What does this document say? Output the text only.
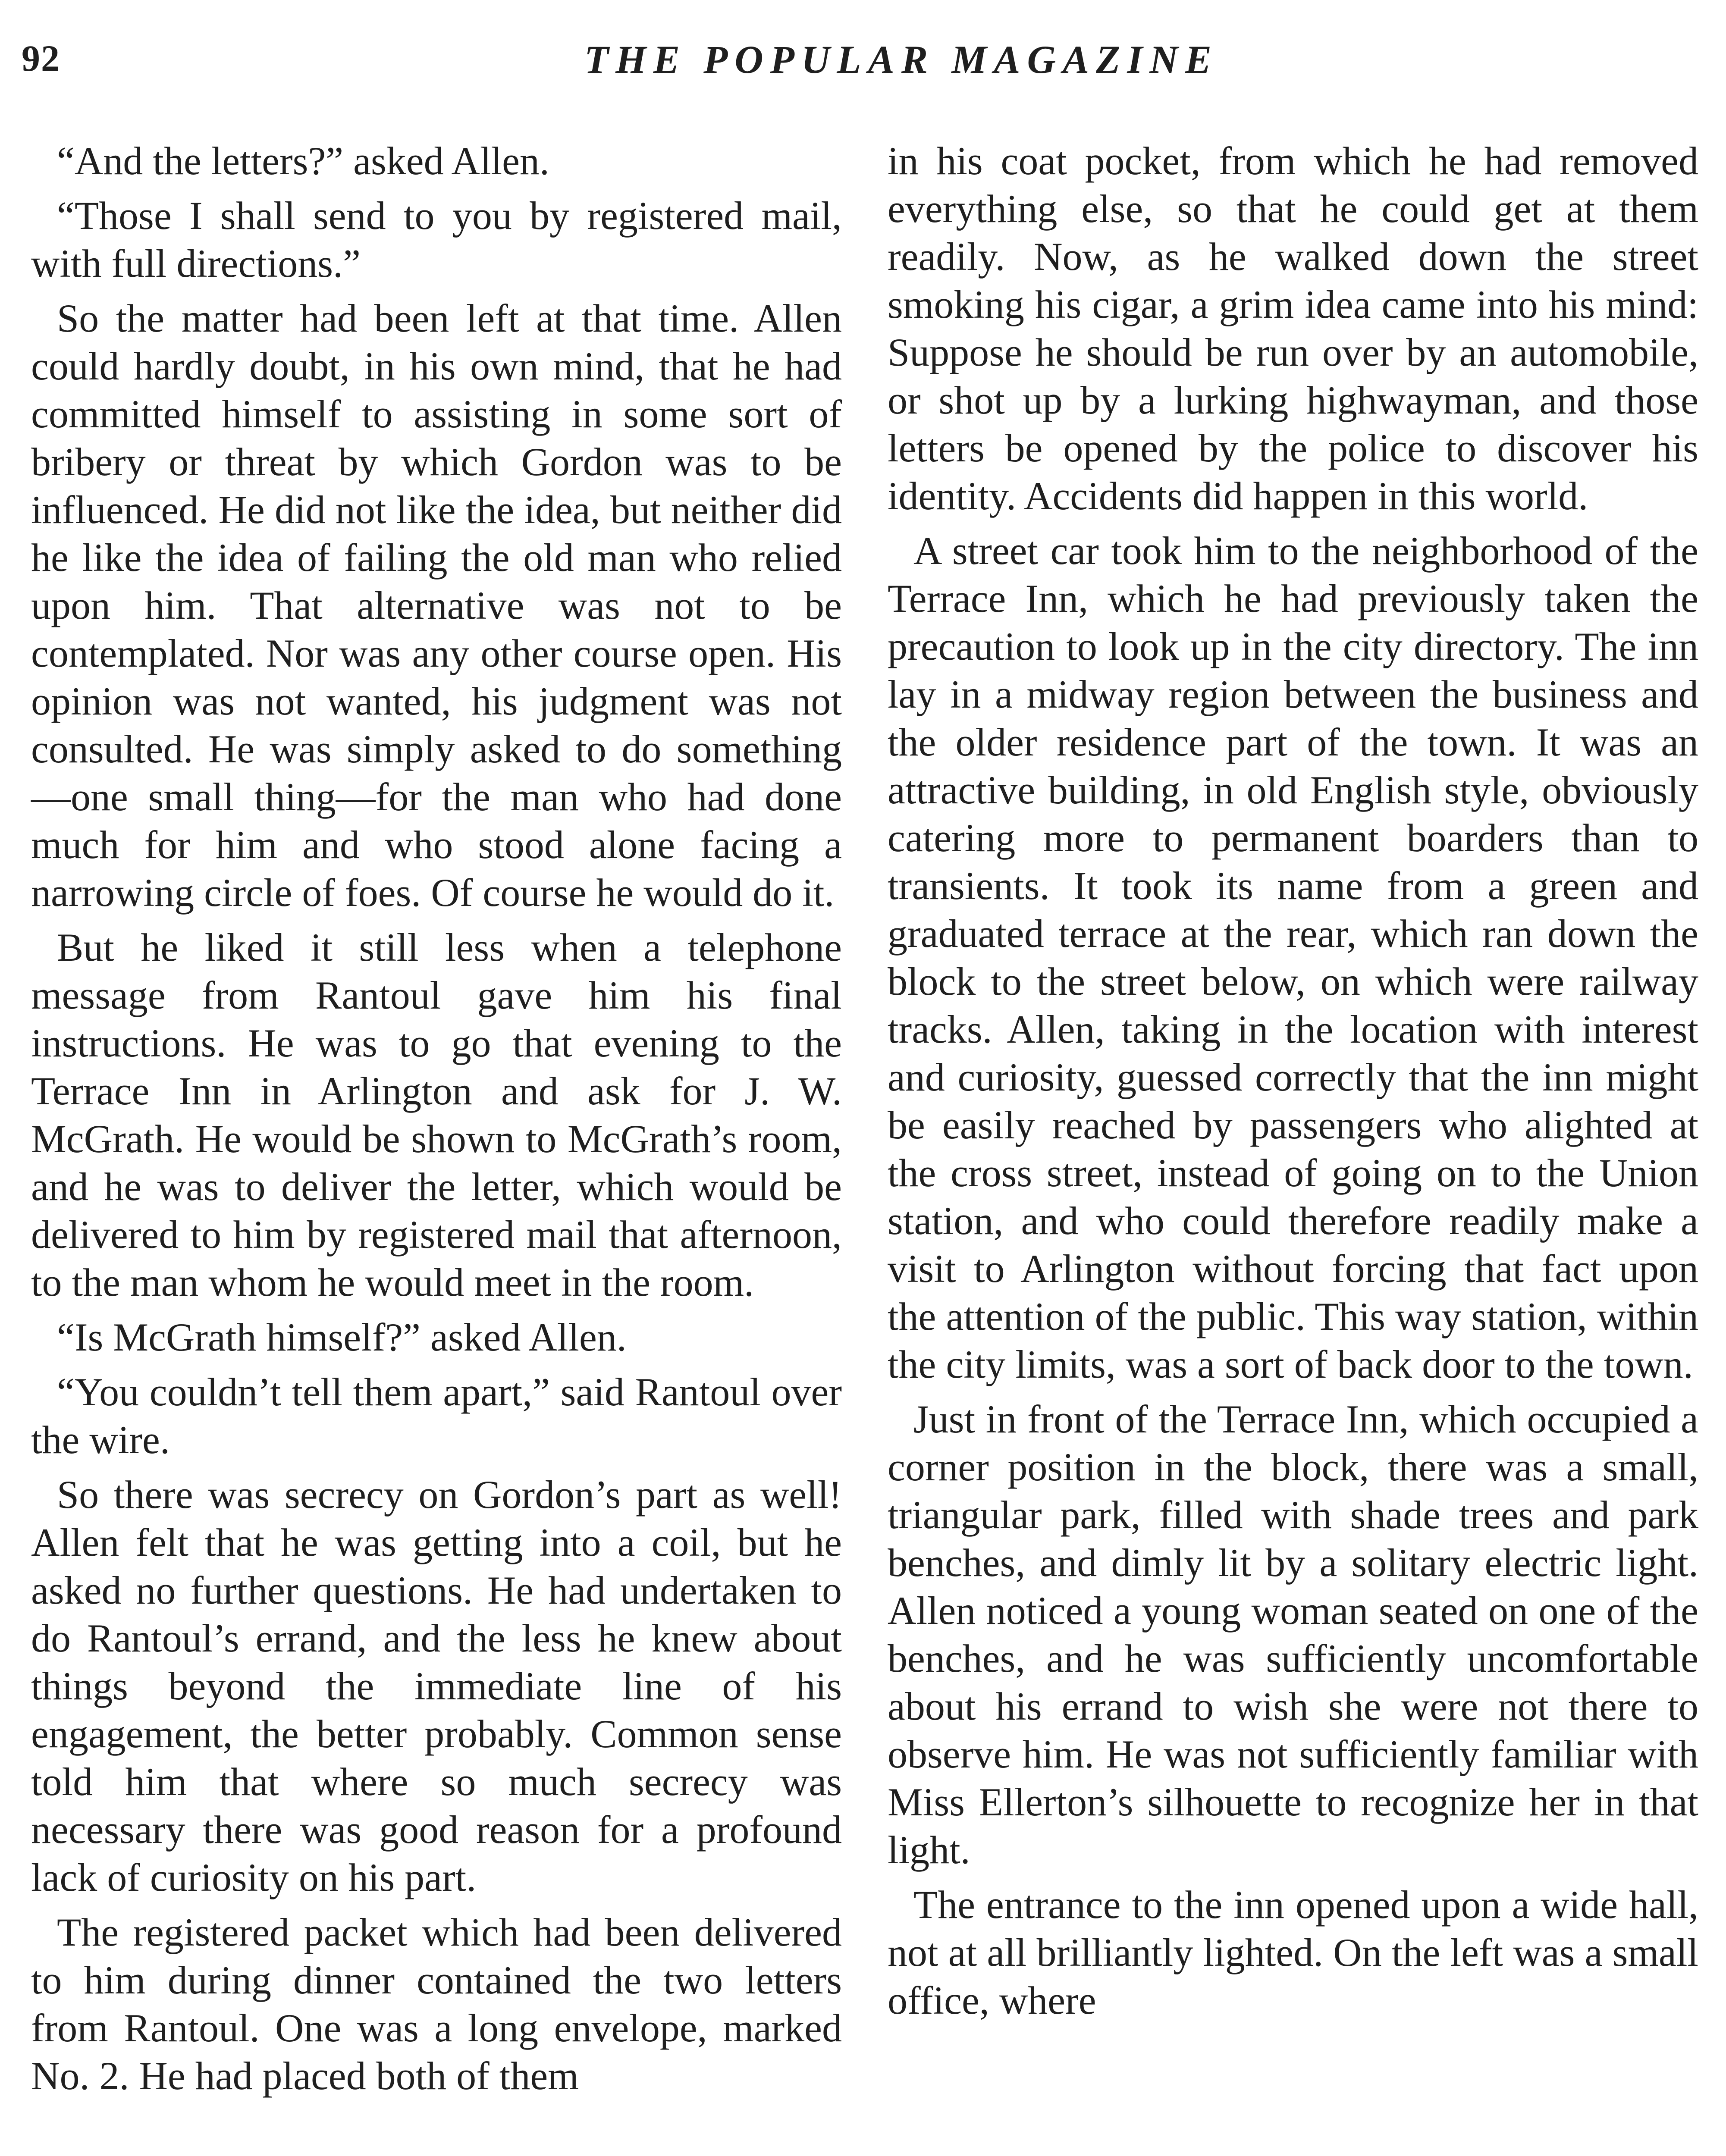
92	THE POPULAR MAGAZINE

“And the letters?” asked Allen.

“Those I shall send to you by registered mail, with full directions.”

So the matter had been left at that time. Allen could hardly doubt, in his own mind, that he had committed himself to assisting in some sort of bribery or threat by which Gordon was to be influenced. He did not like the idea, but neither did he like the idea of failing the old man who relied upon him. That alternative was not to be contemplated. Nor was any other course open. His opinion was not wanted, his judgment was not consulted. He was simply asked to do something—one small thing—for the man who had done much for him and who stood alone facing a narrowing circle of foes. Of course he would do it.

But he liked it still less when a telephone message from Rantoul gave him his final instructions. He was to go that evening to the Terrace Inn in Arlington and ask for J. W. McGrath. He would be shown to McGrath’s room, and he was to deliver the letter, which would be delivered to him by registered mail that afternoon, to the man whom he would meet in the room.

“Is McGrath himself?” asked Allen.

“You couldn’t tell them apart,” said Rantoul over the wire.

So there was secrecy on Gordon’s part as well! Allen felt that he was getting into a coil, but he asked no further questions. He had undertaken to do Rantoul’s errand, and the less he knew about things beyond the immediate line of his engagement, the better probably. Common sense told him that where so much secrecy was necessary there was good reason for a profound lack of curiosity on his part.

The registered packet which had been delivered to him during dinner contained the two letters from Rantoul. One was a long envelope, marked No. 2. He had placed both of them

in his coat pocket, from which he had removed everything else, so that he could get at them readily. Now, as he walked down the street smoking his cigar, a grim idea came into his mind: Suppose he should be run over by an automobile, or shot up by a lurking highwayman, and those letters be opened by the police to discover his identity. Accidents did happen in this world.

A street car took him to the neighborhood of the Terrace Inn, which he had previously taken the precaution to look up in the city directory. The inn lay in a midway region between the business and the older residence part of the town. It was an attractive building, in old English style, obviously catering more to permanent boarders than to transients. It took its name from a green and graduated terrace at the rear, which ran down the block to the street below, on which were railway tracks. Allen, taking in the location with interest and curiosity, guessed correctly that the inn might be easily reached by passengers who alighted at the cross street, instead of going on to the Union station, and who could therefore readily make a visit to Arlington without forcing that fact upon the attention of the public. This way station, within the city limits, was a sort of back door to the town.

Just in front of the Terrace Inn, which occupied a corner position in the block, there was a small, triangular park, filled with shade trees and park benches, and dimly lit by a solitary electric light. Allen noticed a young woman seated on one of the benches, and he was sufficiently uncomfortable about his errand to wish she were not there to observe him. He was not sufficiently familiar with Miss Ellerton’s silhouette to recognize her in that light.

The entrance to the inn opened upon a wide hall, not at all brilliantly lighted. On the left was a small office, where
